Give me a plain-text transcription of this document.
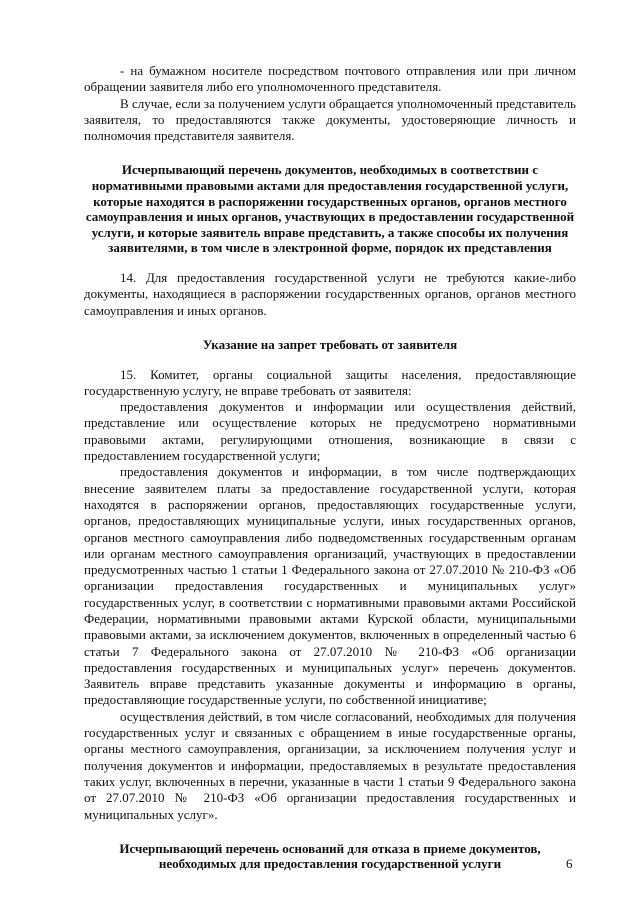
- на бумажном носителе посредством почтового отправления или при личном обращении заявителя либо его уполномоченного представителя.

В случае, если за получением услуги обращается уполномоченный представитель заявителя, то предоставляются также документы, удостоверяющие личность и полномочия представителя заявителя.

Исчерпывающий перечень документов, необходимых в соответствии с нормативными правовыми актами для предоставления государственной услуги, которые находятся в распоряжении государственных органов, органов местного самоуправления и иных органов, участвующих в предоставлении государственной услуги, и которые заявитель вправе представить, а также способы их получения заявителями, в том числе в электронной форме, порядок их представления

14. Для предоставления государственной услуги не требуются какие-либо документы, находящиеся в распоряжении государственных органов, органов местного самоуправления и иных органов.

Указание на запрет требовать от заявителя

15. Комитет, органы социальной защиты населения, предоставляющие государственную услугу, не вправе требовать от заявителя:

предоставления документов и информации или осуществления действий, представление или осуществление которых не предусмотрено нормативными правовыми актами, регулирующими отношения, возникающие в связи с предоставлением государственной услуги;

предоставления документов и информации, в том числе подтверждающих внесение заявителем платы за предоставление государственной услуги, которая находятся в распоряжении органов, предоставляющих государственные услуги, органов, предоставляющих муниципальные услуги, иных государственных органов, органов местного самоуправления либо подведомственных государственным органам или органам местного самоуправления организаций, участвующих в предоставлении предусмотренных частью 1 статьи 1 Федерального закона от 27.07.2010 № 210-ФЗ «Об организации предоставления государственных и муниципальных услуг» государственных услуг, в соответствии с нормативными правовыми актами Российской Федерации, нормативными правовыми актами Курской области, муниципальными правовыми актами, за исключением документов, включенных в определенный частью 6 статьи 7 Федерального закона от 27.07.2010 № 210-ФЗ «Об организации предоставления государственных и муниципальных услуг» перечень документов. Заявитель вправе представить указанные документы и информацию в органы, предоставляющие государственные услуги, по собственной инициативе;

осуществления действий, в том числе согласований, необходимых для получения государственных услуг и связанных с обращением в иные государственные органы, органы местного самоуправления, организации, за исключением получения услуг и получения документов и информации, предоставляемых в результате предоставления таких услуг, включенных в перечни, указанные в части 1 статьи 9 Федерального закона от 27.07.2010 № 210-ФЗ «Об организации предоставления государственных и муниципальных услуг».

Исчерпывающий перечень оснований для отказа в приеме документов, необходимых для предоставления государственной услуги	6
